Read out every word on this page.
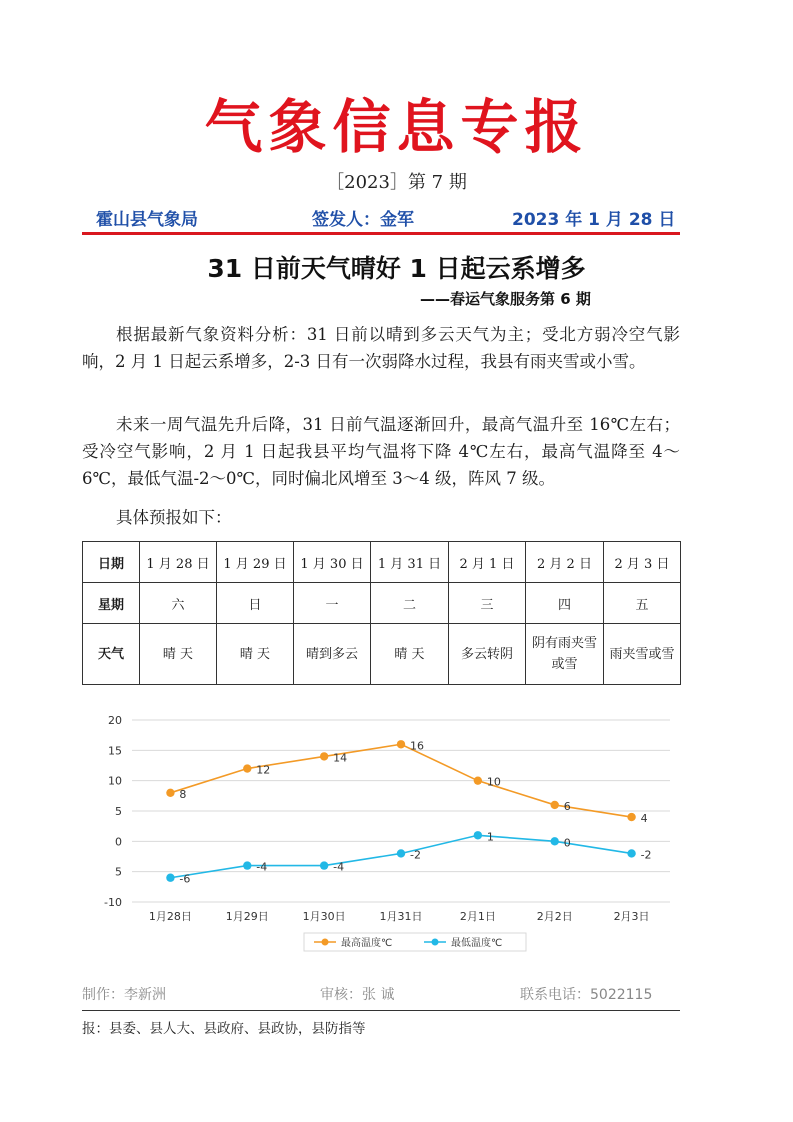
气象信息专报
［2023］第 7 期
霍山县气象局	签发人：金军	2023 年 1 月 28 日
31 日前天气晴好 1 日起云系增多
——春运气象服务第 6 期

根据最新气象资料分析：31 日前以晴到多云天气为主；受北方弱冷空气影响，2 月 1 日起云系增多，2-3 日有一次弱降水过程，我县有雨夹雪或小雪。

未来一周气温先升后降，31 日前气温逐渐回升，最高气温升至 16℃左右；受冷空气影响，2 月 1 日起我县平均气温将下降 4℃左右，最高气温降至 4～6℃，最低气温-2～0℃，同时偏北风增至 3～4 级，阵风 7 级。

具体预报如下：

日期	1 月 28 日	1 月 29 日	1 月 30 日	1 月 31 日	2 月 1 日	2 月 2 日	2 月 3 日
星期	六	日	一	二	三	四	五
天气	晴 天	晴 天	晴到多云	晴 天	多云转阴	阴有雨夹雪或雪	雨夹雪或雪
20
15
10
5
0
5
-10
1月28日	1月29日	1月30日	1月31日	2月1日	2月2日	2月3日
8
12
14
16
10
6
4
-6
-4	-4
-2
1	0
-2
最高温度℃	最低温度℃
制作：李新洲	审核：张 诚	联系电话：5022115
报：县委、县人大、县政府、县政协，县防指等
